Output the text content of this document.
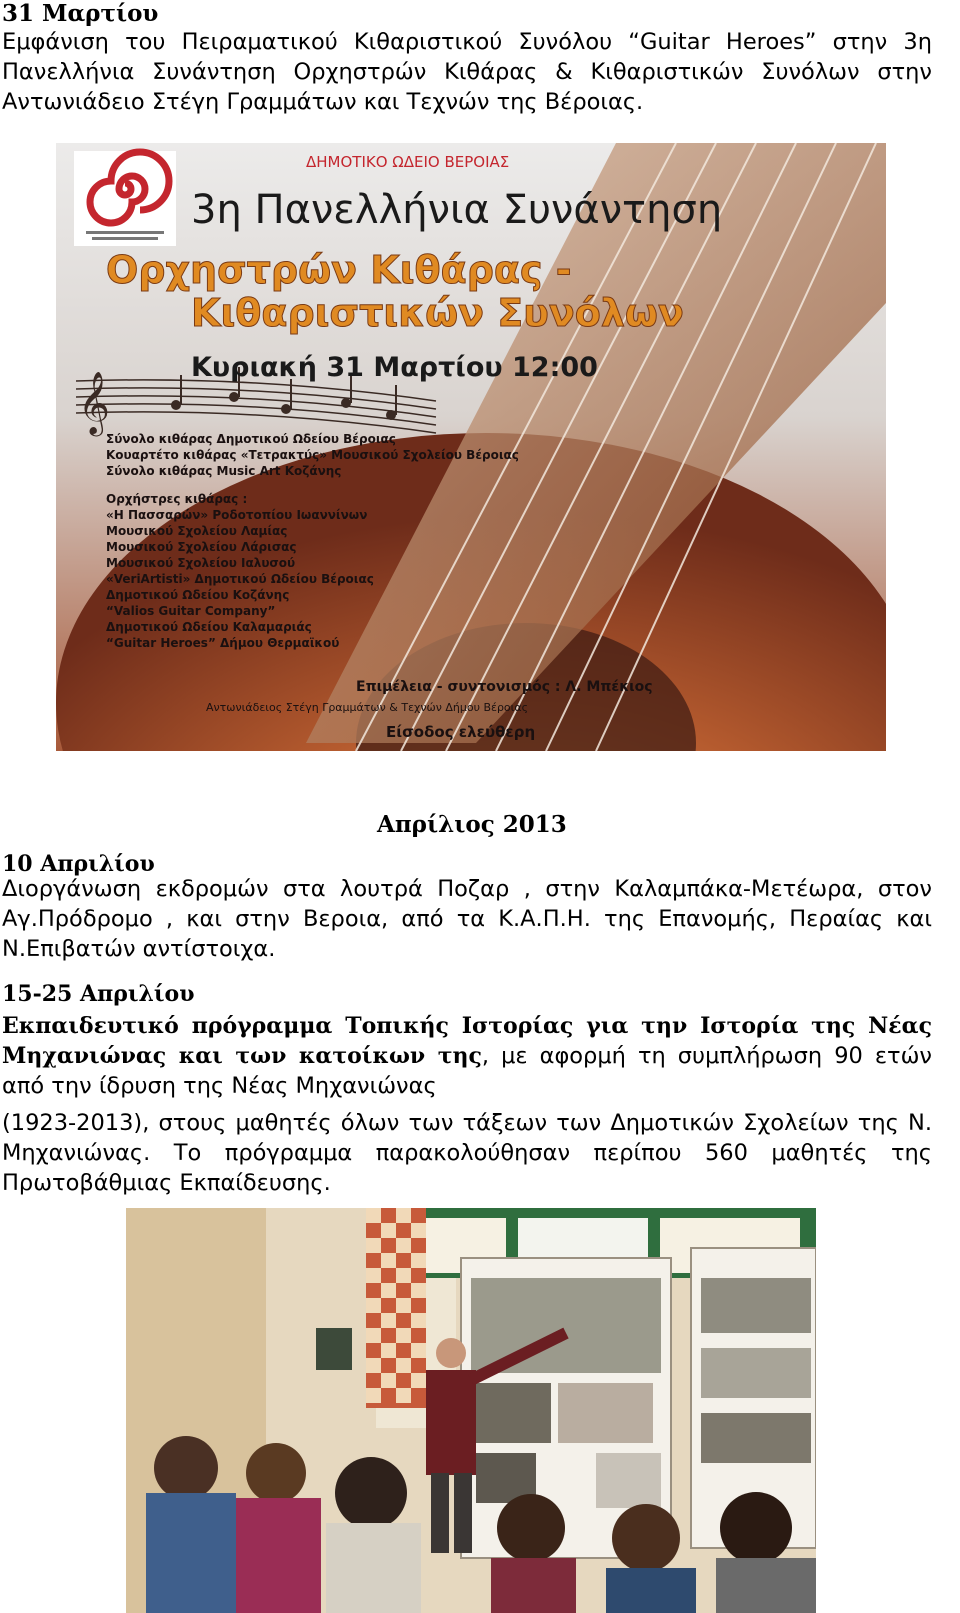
31 Μαρτίου

Εμφάνιση του Πειραματικού Κιθαριστικού Συνόλου “Guitar Heroes” στην 3η Πανελλήνια Συνάντηση Ορχηστρών Κιθάρας & Κιθαριστικών Συνόλων στην Αντωνιάδειο Στέγη Γραμμάτων και Τεχνών της Βέροιας.

𝄞
ΔΗΜΟΤΙΚΟ ΩΔΕΙΟ ΒΕΡΟΙΑΣ
3η Πανελλήνια Συνάντηση
Ορχηστρών Κιθάρας -
Κιθαριστικών Συνόλων
Κυριακή 31 Μαρτίου 12:00
Σύνολο κιθάρας Δημοτικού Ωδείου Βέροιας
Κουαρτέτο κιθάρας «Τετρακτύς» Μουσικού Σχολείου Βέροιας
Σύνολο κιθάρας Music Art Κοζάνης
Ορχήστρες κιθάρας :
«Η Πασσαρών» Ροδοτοπίου Ιωαννίνων
Μουσικού Σχολείου Λαμίας
Μουσικού Σχολείου Λάρισας
Μουσικού Σχολείου Ιαλυσού
«VeriArtisti» Δημοτικού Ωδείου Βέροιας
Δημοτικού Ωδείου Κοζάνης
“Valios Guitar Company”
Δημοτικού Ωδείου Καλαμαριάς
“Guitar Heroes” Δήμου Θερμαϊκού
Επιμέλεια - συντονισμός : Λ. Μπέκιος
Αντωνιάδειος Στέγη Γραμμάτων & Τεχνών Δήμου Βέροιας
Είσοδος ελεύθερη

Απρίλιος 2013

10 Απριλίου

Διοργάνωση εκδρομών στα λουτρά Ποζαρ , στην Καλαμπάκα-Μετέωρα, στον Αγ.Πρόδρομο , και στην Βεροια, από τα Κ.Α.Π.Η. της Επανομής, Περαίας και Ν.Επιβατών αντίστοιχα.

15-25 Απριλίου

Εκπαιδευτικό πρόγραμμα Τοπικής Ιστορίας για την Ιστορία της Νέας Μηχανιώνας και των κατοίκων της, με αφορμή τη συμπλήρωση 90 ετών από την ίδρυση της Νέας Μηχανιώνας

(1923-2013), στους μαθητές όλων των τάξεων των Δημοτικών Σχολείων της Ν. Μηχανιώνας. Το πρόγραμμα παρακολούθησαν περίπου 560 μαθητές της Πρωτοβάθμιας Εκπαίδευσης.
